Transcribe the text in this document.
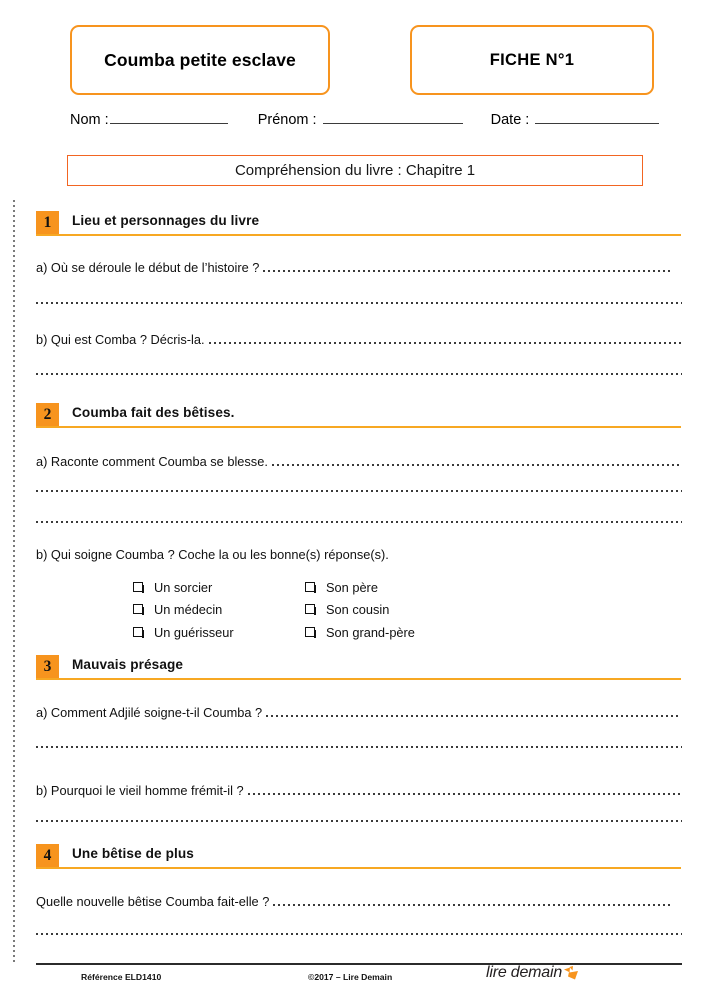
Coumba petite esclave	FICHE N°1
Nom :	Prénom :	Date :
Compréhension du livre : Chapitre 1
1	Lieu et personnages du livre
a) Où se déroule le début de l’histoire ?
b) Qui est Comba ? Décris-la.
2	Coumba fait des bêtises.
a) Raconte comment Coumba se blesse.
b) Qui soigne Coumba ? Coche la ou les bonne(s) réponse(s).
Un sorcier
Un médecin
Un guérisseur
Son père
Son cousin
Son grand-père
3	Mauvais présage
a) Comment Adjilé soigne-t-il Coumba ?
b) Pourquoi le vieil homme frémit-il ?
4	Une bêtise de plus
Quelle nouvelle bêtise Coumba fait-elle ?
Référence ELD1410	©2017 – Lire Demain	lire demain
